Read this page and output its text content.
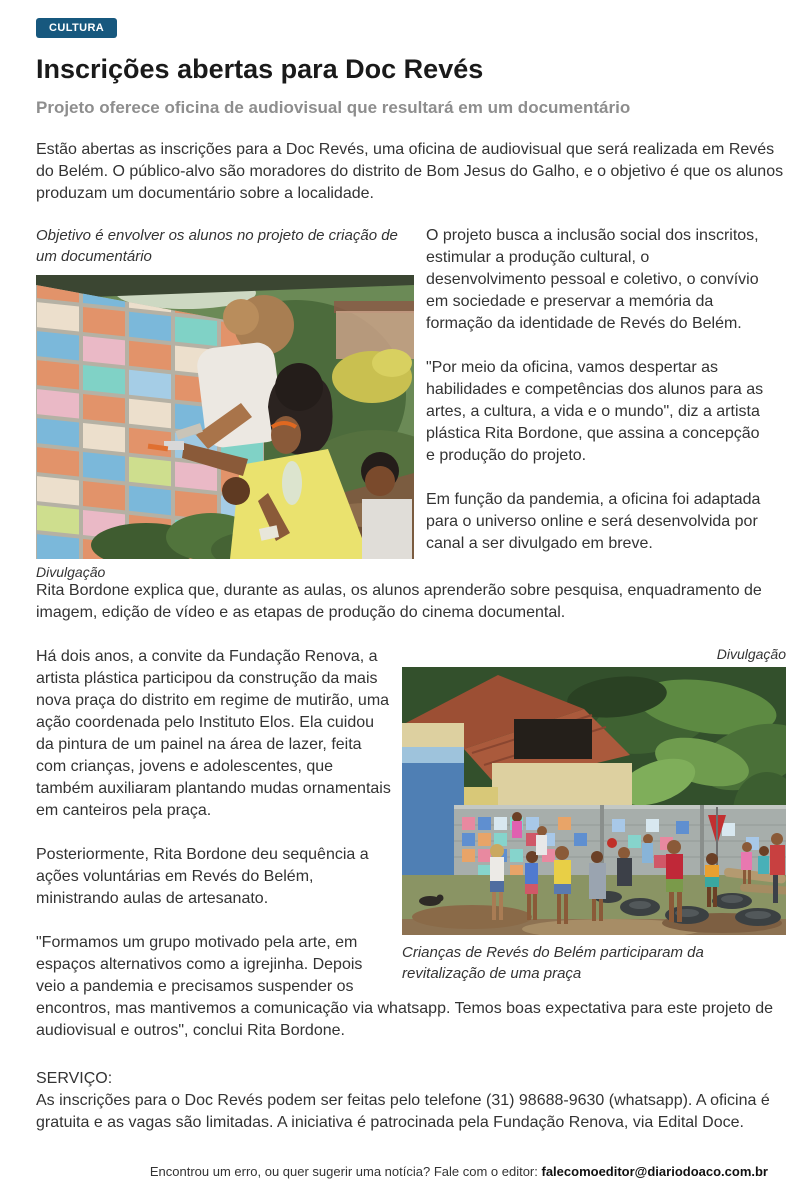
CULTURA
Inscrições abertas para Doc Revés
Projeto oferece oficina de audiovisual que resultará em um documentário

Estão abertas as inscrições para a Doc Revés, uma oficina de audiovisual que será realizada em Revés do Belém. O público-alvo são moradores do distrito de Bom Jesus do Galho, e o objetivo é que os alunos produzam um documentário sobre a localidade.

Objetivo é envolver os alunos no projeto de criação de um documentário
Divulgação

O projeto busca a inclusão social dos inscritos, estimular a produção cultural, o desenvolvimento pessoal e coletivo, o convívio em sociedade e preservar a memória da formação da identidade de Revés do Belém.

"Por meio da oficina, vamos despertar as habilidades e competências dos alunos para as artes, a cultura, a vida e o mundo", diz a artista plástica Rita Bordone, que assina a concepção e produção do projeto.

Em função da pandemia, a oficina foi adaptada para o universo online e será desenvolvida por canal a ser divulgado em breve.

Rita Bordone explica que, durante as aulas, os alunos aprenderão sobre pesquisa, enquadramento de imagem, edição de vídeo e as etapas de produção do cinema documental.

Divulgação
Crianças de Revés do Belém participaram da revitalização de uma praça

Há dois anos, a convite da Fundação Renova, a artista plástica participou da construção da mais nova praça do distrito em regime de mutirão, uma ação coordenada pelo Instituto Elos. Ela cuidou da pintura de um painel na área de lazer, feita com crianças, jovens e adolescentes, que também auxiliaram plantando mudas ornamentais em canteiros pela praça.

Posteriormente, Rita Bordone deu sequência a ações voluntárias em Revés do Belém, ministrando aulas de artesanato.

"Formamos um grupo motivado pela arte, em espaços alternativos como a igrejinha. Depois veio a pandemia e precisamos suspender os encontros, mas mantivemos a comunicação via whatsapp. Temos boas expectativa para este projeto de audiovisual e outros", conclui Rita Bordone.

SERVIÇO:

As inscrições para o Doc Revés podem ser feitas pelo telefone (31) 98688-9630 (whatsapp). A oficina é gratuita e as vagas são limitadas. A iniciativa é patrocinada pela Fundação Renova, via Edital Doce.

Encontrou um erro, ou quer sugerir uma notícia? Fale com o editor: falecomoeditor@diariodoaco.com.br
